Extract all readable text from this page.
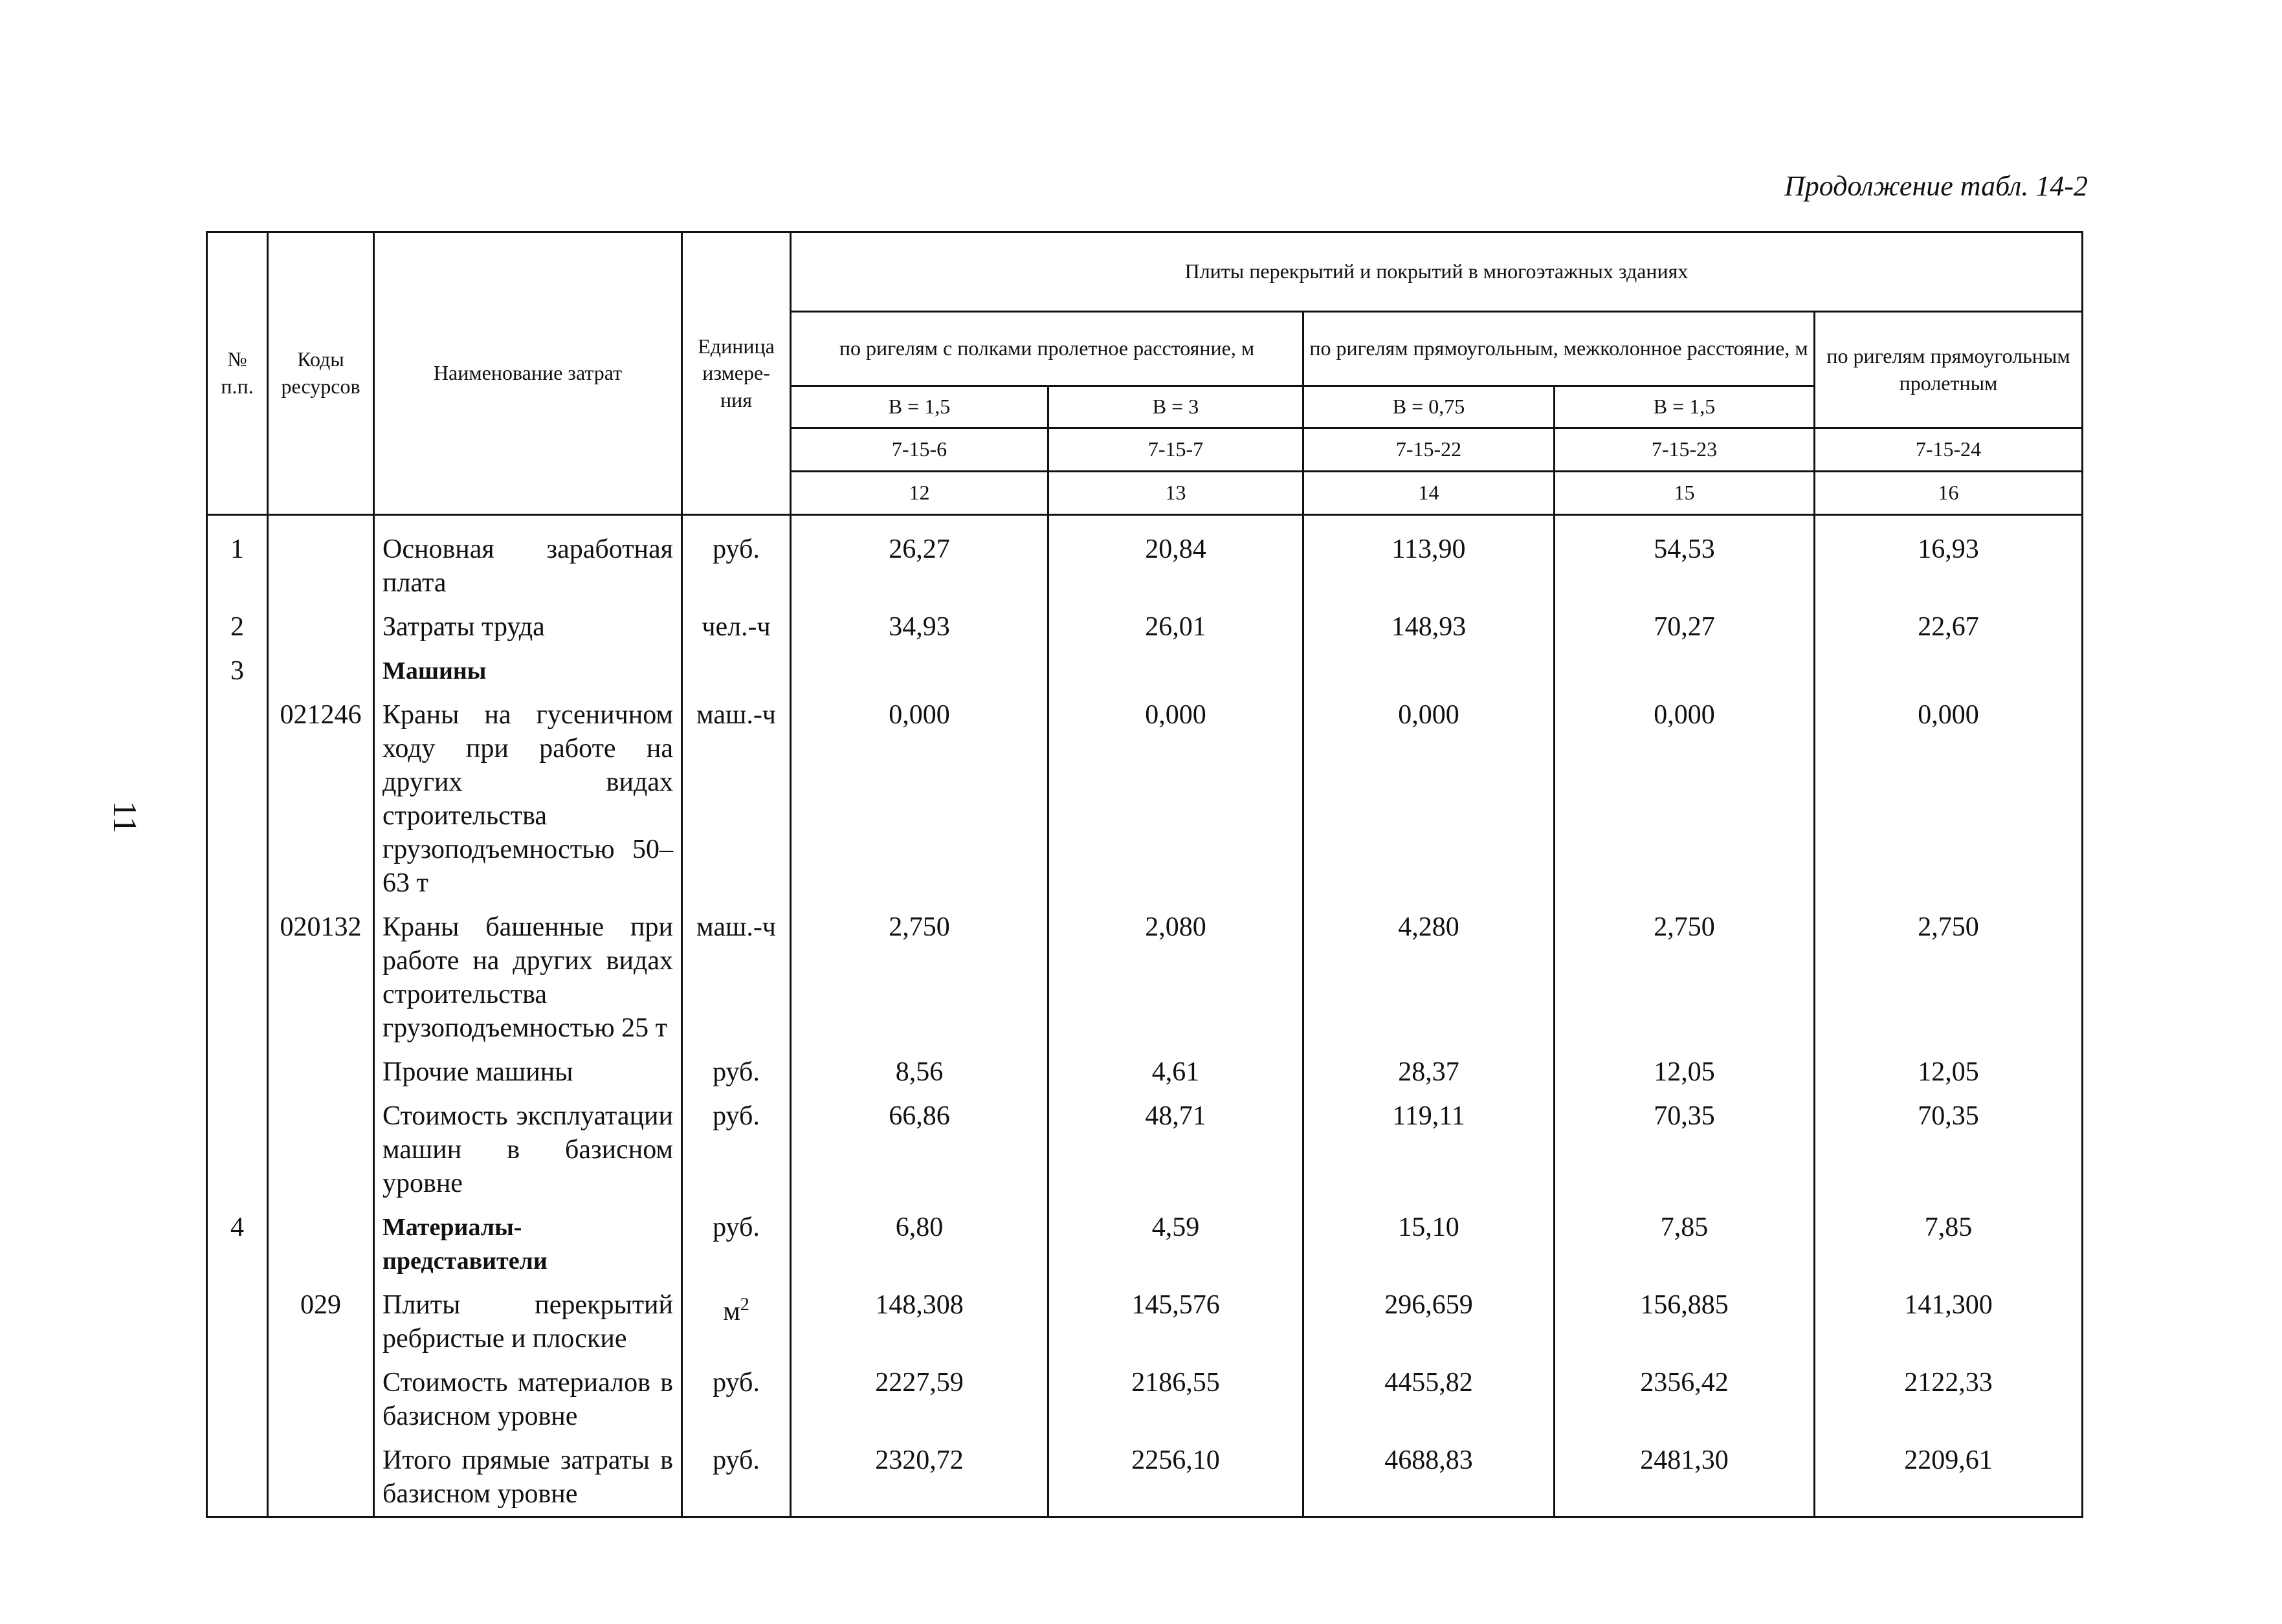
11
Продолжение табл. 14-2
№ п.п.	Коды ресурсов	Наименование затрат	Единица измере-ния	Плиты перекрытий и покрытий в многоэтажных зданиях				
				по ригелям с полками пролетное расстояние, м		по ригелям прямоугольным, межколонное расстояние, м		по ригелям прямоугольным пролетным
				В = 1,5	В = 3	В = 0,75	В = 1,5	
				7-15-6	7-15-7	7-15-22	7-15-23	7-15-24
				12	13	14	15	16
1		Основная заработная плата	руб.	26,27	20,84	113,90	54,53	16,93
2		Затраты труда	чел.-ч	34,93	26,01	148,93	70,27	22,67
3		Машины						
	021246	Краны на гусеничном ходу при работе на других видах строительства грузоподъемностью 50–63 т	маш.-ч	0,000	0,000	0,000	0,000	0,000
	020132	Краны башенные при работе на других видах строительства грузоподъемностью 25 т	маш.-ч	2,750	2,080	4,280	2,750	2,750
		Прочие машины	руб.	8,56	4,61	28,37	12,05	12,05
		Стоимость эксплуатации машин в базисном уровне	руб.	66,86	48,71	119,11	70,35	70,35
4		Материалы-представители	руб.	6,80	4,59	15,10	7,85	7,85
	029	Плиты перекрытий ребристые и плоские	$м^2$	148,308	145,576	296,659	156,885	141,300
		Стоимость материалов в базисном уровне	руб.	2227,59	2186,55	4455,82	2356,42	2122,33
		Итого прямые затраты в базисном уровне	руб.	2320,72	2256,10	4688,83	2481,30	2209,61
